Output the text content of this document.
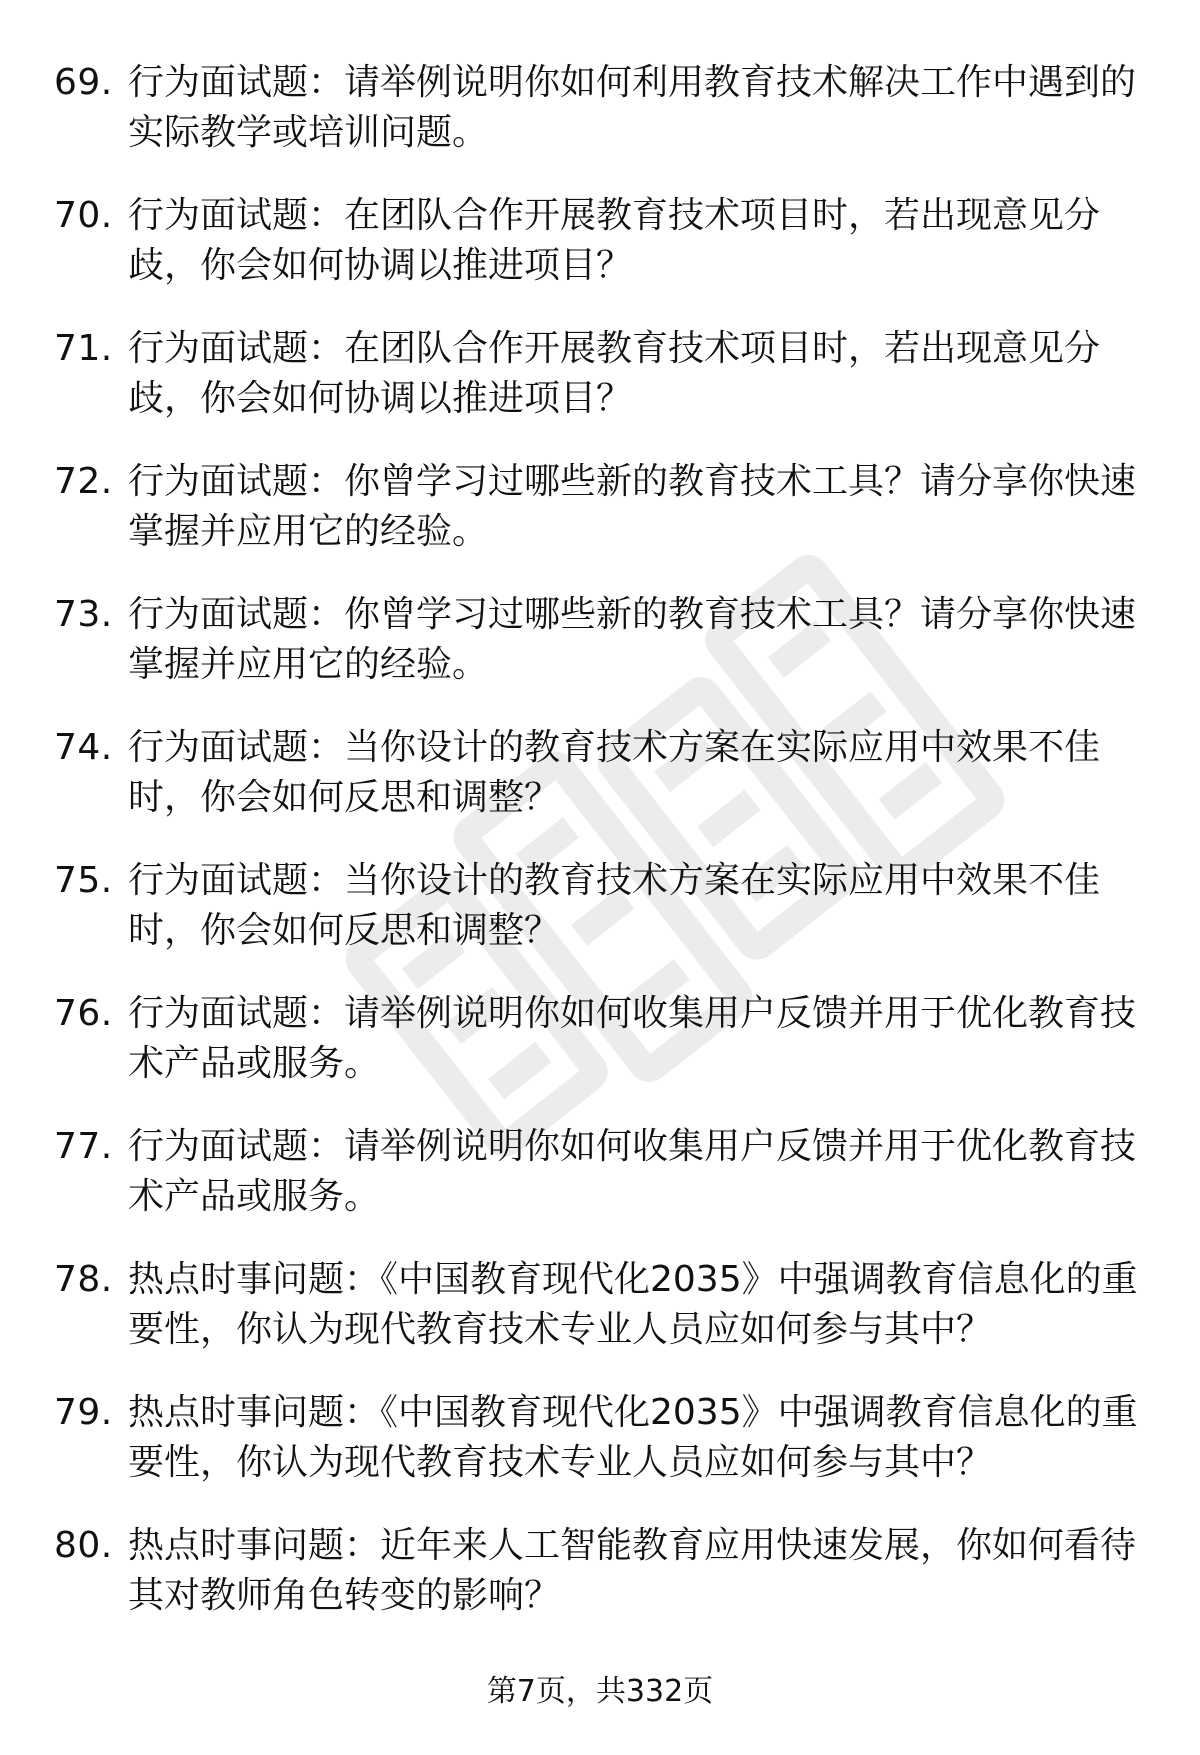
69. 行为面试题：请举例说明你如何利用教育技术解决工作中遇到的
实际教学或培训问题。
70. 行为面试题：在团队合作开展教育技术项目时，若出现意见分
歧，你会如何协调以推进项目？
71. 行为面试题：在团队合作开展教育技术项目时，若出现意见分
歧，你会如何协调以推进项目？
72. 行为面试题：你曾学习过哪些新的教育技术工具？请分享你快速
掌握并应用它的经验。
73. 行为面试题：你曾学习过哪些新的教育技术工具？请分享你快速
掌握并应用它的经验。
74. 行为面试题：当你设计的教育技术方案在实际应用中效果不佳
时，你会如何反思和调整？
75. 行为面试题：当你设计的教育技术方案在实际应用中效果不佳
时，你会如何反思和调整？
76. 行为面试题：请举例说明你如何收集用户反馈并用于优化教育技
术产品或服务。
77. 行为面试题：请举例说明你如何收集用户反馈并用于优化教育技
术产品或服务。
78. 热点时事问题：《中国教育现代化2035》中强调教育信息化的重
要性，你认为现代教育技术专业人员应如何参与其中？
79. 热点时事问题：《中国教育现代化2035》中强调教育信息化的重
要性，你认为现代教育技术专业人员应如何参与其中？
80. 热点时事问题：近年来人工智能教育应用快速发展，你如何看待
其对教师角色转变的影响？
第7页，共332页
